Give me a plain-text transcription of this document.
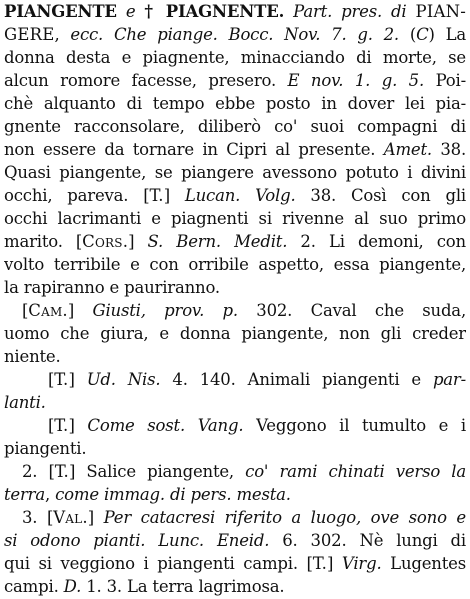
PIANGENTE e † PIAGNENTE. Part. pres. di PIAN-
GERE, ecc. Che piange. Bocc. Nov. 7. g. 2. (C) La
donna desta e piagnente, minacciando di morte, se
alcun romore facesse, presero. E nov. 1. g. 5. Poi-
chè alquanto di tempo ebbe posto in dover lei pia-
gnente racconsolare, diliberò co' suoi compagni di
non essere da tornare in Cipri al presente. Amet. 38.
Quasi piangente, se piangere avessono potuto i divini
occhi, pareva. [T.] Lucan. Volg. 38. Così con gli
occhi lacrimanti e piagnenti si rivenne al suo primo
marito. [Cors.] S. Bern. Medit. 2. Li demoni, con
volto terribile e con orribile aspetto, essa piangente,
la rapiranno e pauriranno.
[Cam.] Giusti, prov. p. 302. Caval che suda,
uomo che giura, e donna piangente, non gli creder
niente.
[T.] Ud. Nis. 4. 140. Animali piangenti e par-
lanti.
[T.] Come sost. Vang. Veggono il tumulto e i
piangenti.
2. [T.] Salice piangente, co' rami chinati verso la
terra, come immag. di pers. mesta.
3. [Val.] Per catacresi riferito a luogo, ove sono e
si odono pianti. Lunc. Eneid. 6. 302. Nè lungi di
qui si veggiono i piangenti campi. [T.] Virg. Lugentes
campi. D. 1. 3. La terra lagrimosa.
